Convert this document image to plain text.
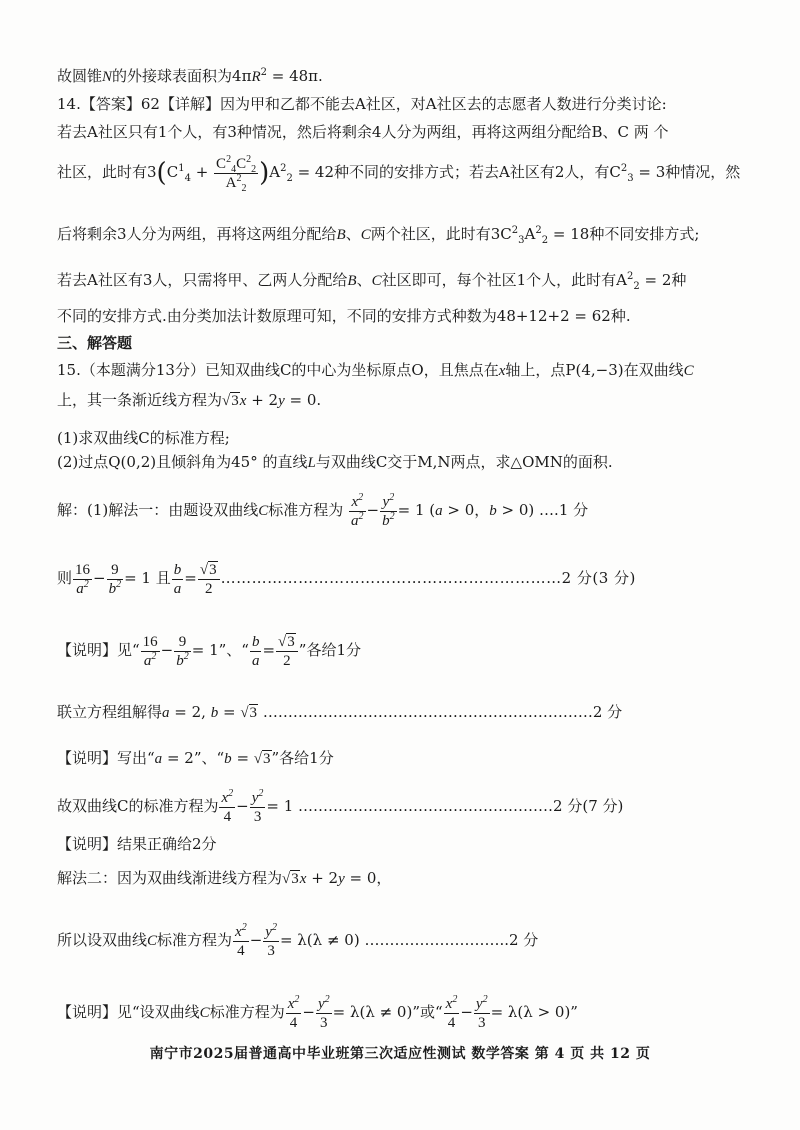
故圆锥N的外接球表面积为$4\pi R^2 = 48\pi$.
14.【答案】62【详解】因为甲和乙都不能去A社区，对A社区去的志愿者人数进行分类讨论:
若去A社区只有1个人，有3种情况，然后将剩余4人分为两组，再将这两组分配给B、C 两 个
社区，此时有$3(C^1_4 + \frac{C^2_4C^2_2}{A^2_2} )A^2_2 = 42$种不同的安排方式；若去A社区有2人，有$C^2_3 = 3$种情况，然
后将剩余3人分为两组，再将这两组分配给B、C两个社区，此时有$3C^2_3A^2_2 = 18$种不同安排方式;
若去A社区有3人，只需将甲、乙两人分配给B、C社区即可，每个社区1个人，此时有$A^2_2 = 2$种
不同的安排方式.由分类加法计数原理可知，不同的安排方式种数为48+12+2 = 62种.
三、解答题
15.（本题满分13分）已知双曲线C的中心为坐标原点O，且焦点在x轴上，点P(4,−3)在双曲线C
上，其一条渐近线方程为√3x + 2y = 0.
(1)求双曲线C的标准方程;
(2)过点Q(0,2)且倾斜角为45° 的直线L与双曲线C交于M,N两点，求△OMN的面积.
解：(1)解法一：由题设双曲线C标准方程为 $\frac{x^2}{a^2} - \frac{y^2}{b^2} = 1$ (a > 0，b > 0) ….1 分
则 $\frac{16}{a^2} - \frac{9}{b^2} = 1$ 且 $\frac{b}{a} = \frac{√3}{2}$ …………………………………………………………2 分(3 分)
【说明】见“ $\frac{16}{a^2} - \frac{9}{b^2} = 1$”、“ $\frac{b}{a} = \frac{√3}{2}$ ”各给1分
联立方程组解得a = 2, b = √3 …………………………………………………………2 分
【说明】写出“a = 2”、“b = √3”各给1分
故双曲线C的标准方程为 $\frac{x^2}{4} - \frac{y^2}{3} = 1$ ……………………………………………2 分(7 分)
【说明】结果正确给2分
解法二：因为双曲线渐进线方程为√3x + 2y = 0，
所以设双曲线C标准方程为 $\frac{x^2}{4} - \frac{y^2}{3} = \lambda(\lambda \ne 0)$ ………………………..2 分
【说明】见“设双曲线C标准方程为 $\frac{x^2}{4} - \frac{y^2}{3} = \lambda(\lambda \ne 0)$”或“ $\frac{x^2}{4} - \frac{y^2}{3} = \lambda(\lambda > 0)$”
南宁市2025届普通高中毕业班第三次适应性测试 数学答案 第 4 页 共 12 页
